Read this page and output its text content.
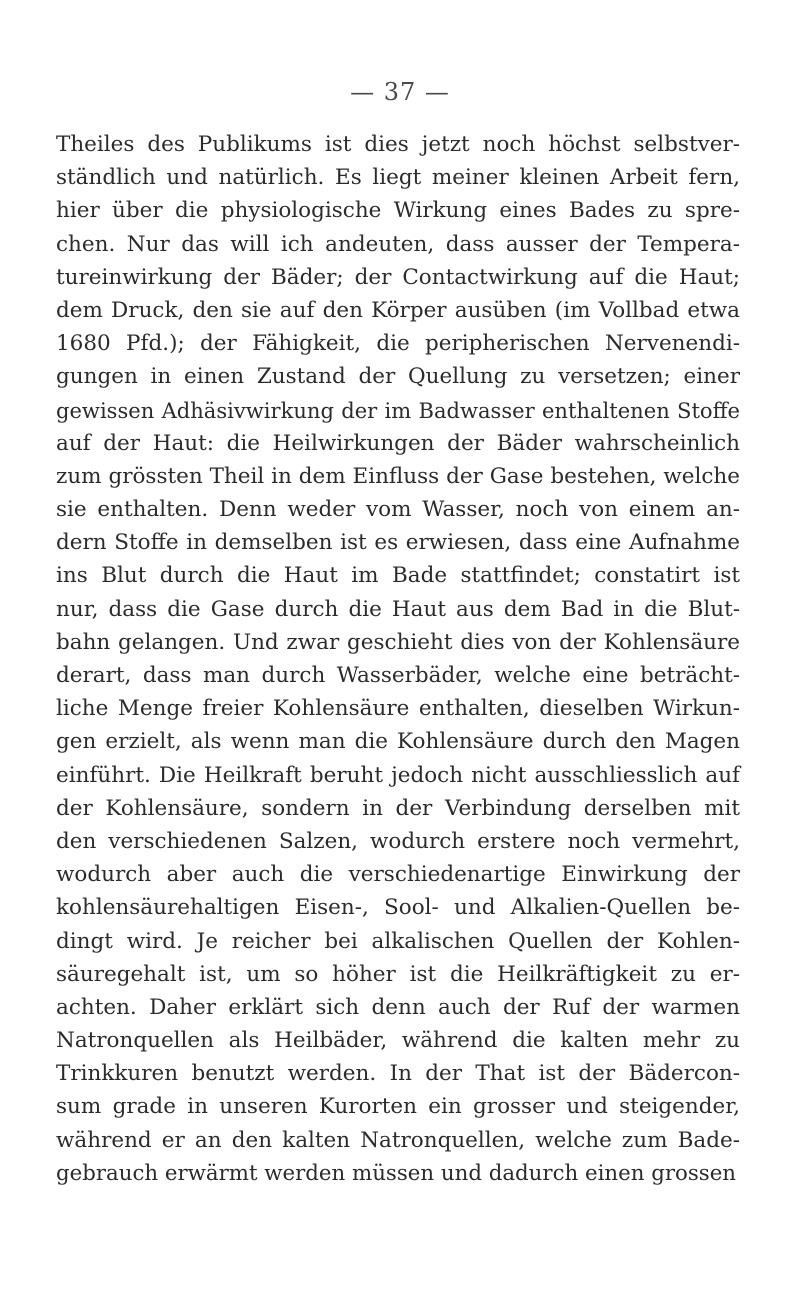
— 37 —
Theiles des Publikums ist dies jetzt noch höchst selbstver-
ständlich und natürlich. Es liegt meiner kleinen Arbeit fern,
hier über die physiologische Wirkung eines Bades zu spre-
chen. Nur das will ich andeuten, dass ausser der Tempera-
tureinwirkung der Bäder; der Contactwirkung auf die Haut;
dem Druck, den sie auf den Körper ausüben (im Vollbad etwa
1680 Pfd.); der Fähigkeit, die peripherischen Nervenendi-
gungen in einen Zustand der Quellung zu versetzen; einer
gewissen Adhäsivwirkung der im Badwasser enthaltenen Stoffe
auf der Haut: die Heilwirkungen der Bäder wahrscheinlich
zum grössten Theil in dem Einfluss der Gase bestehen, welche
sie enthalten. Denn weder vom Wasser, noch von einem an-
dern Stoffe in demselben ist es erwiesen, dass eine Aufnahme
ins Blut durch die Haut im Bade stattfindet; constatirt ist
nur, dass die Gase durch die Haut aus dem Bad in die Blut-
bahn gelangen. Und zwar geschieht dies von der Kohlensäure
derart, dass man durch Wasserbäder, welche eine beträcht-
liche Menge freier Kohlensäure enthalten, dieselben Wirkun-
gen erzielt, als wenn man die Kohlensäure durch den Magen
einführt. Die Heilkraft beruht jedoch nicht ausschliesslich auf
der Kohlensäure, sondern in der Verbindung derselben mit
den verschiedenen Salzen, wodurch erstere noch vermehrt,
wodurch aber auch die verschiedenartige Einwirkung der
kohlensäurehaltigen Eisen-, Sool- und Alkalien-Quellen be-
dingt wird. Je reicher bei alkalischen Quellen der Kohlen-
säuregehalt ist, um so höher ist die Heilkräftigkeit zu er-
achten. Daher erklärt sich denn auch der Ruf der warmen
Natronquellen als Heilbäder, während die kalten mehr zu
Trinkkuren benutzt werden. In der That ist der Bädercon-
sum grade in unseren Kurorten ein grosser und steigender,
während er an den kalten Natronquellen, welche zum Bade-
gebrauch erwärmt werden müssen und dadurch einen grossen
